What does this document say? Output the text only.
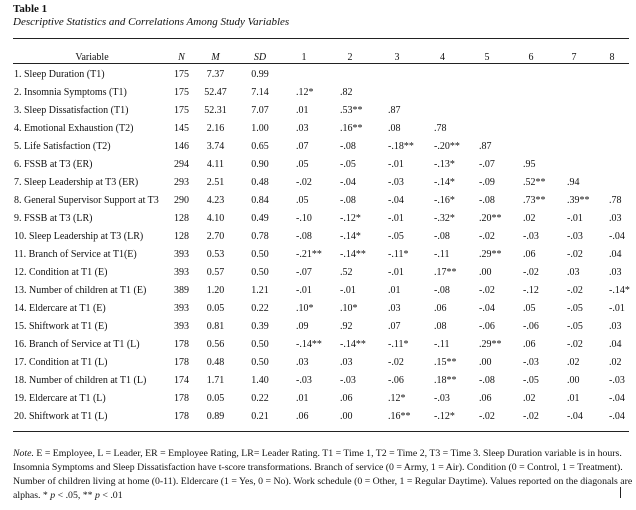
Table 1
Descriptive Statistics and Correlations Among Study Variables
Variable	N	M	SD	1	2	3	4	5	6	7	8
1. Sleep Duration (T1)	175	7.37	0.99								
2. Insomnia Symptoms (T1)	175	52.47	7.14	.12*	.82						
3. Sleep Dissatisfaction (T1)	175	52.31	7.07	.01	.53**	.87					
4. Emotional Exhaustion (T2)	145	2.16	1.00	.03	.16**	.08	.78				
5. Life Satisfaction (T2)	146	3.74	0.65	.07	-.08	-.18**	-.20**	.87			
6. FSSB at T3 (ER)	294	4.11	0.90	.05	-.05	-.01	-.13*	-.07	.95		
7. Sleep Leadership at T3 (ER)	293	2.51	0.48	-.02	-.04	-.03	-.14*	-.09	.52**	.94	
8. General Supervisor Support at T3	290	4.23	0.84	.05	-.08	-.04	-.16*	-.08	.73**	.39**	.78
9. FSSB at T3 (LR)	128	4.10	0.49	-.10	-.12*	-.01	-.32*	.20**	.02	-.01	.03
10. Sleep Leadership at T3 (LR)	128	2.70	0.78	-.08	-.14*	-.05	-.08	-.02	-.03	-.03	-.04
11. Branch of Service at T1(E)	393	0.53	0.50	-.21**	-.14**	-.11*	-.11	.29**	.06	-.02	.04
12. Condition at T1 (E)	393	0.57	0.50	-.07	.52	-.01	.17**	.00	-.02	.03	.03
13. Number of children at T1 (E)	389	1.20	1.21	-.01	-.01	.01	-.08	-.02	-.12	-.02	-.14*
14. Eldercare at T1 (E)	393	0.05	0.22	.10*	.10*	.03	.06	-.04	.05	-.05	-.01
15. Shiftwork at T1 (E)	393	0.81	0.39	.09	.92	.07	.08	-.06	-.06	-.05	.03
16. Branch of Service at T1 (L)	178	0.56	0.50	-.14**	-.14**	-.11*	-.11	.29**	.06	-.02	.04
17. Condition at T1 (L)	178	0.48	0.50	.03	.03	-.02	.15**	.00	-.03	.02	.02
18. Number of children at T1 (L)	174	1.71	1.40	-.03	-.03	-.06	.18**	-.08	-.05	.00	-.03
19. Eldercare at T1 (L)	178	0.05	0.22	.01	.06	.12*	-.03	.06	.02	.01	-.04
20. Shiftwork at T1 (L)	178	0.89	0.21	.06	.00	.16**	-.12*	-.02	-.02	-.04	-.04
Note. E = Employee, L = Leader, ER = Employee Rating, LR= Leader Rating. T1 = Time 1, T2 = Time 2, T3 = Time 3. Sleep Duration variable is in hours. Insomnia Symptoms and Sleep Dissatisfaction have t-score transformations. Branch of service (0 = Army, 1 = Air). Condition (0 = Control, 1 = Treatment). Number of children living at home (0-11). Eldercare (1 = Yes, 0 = No). Work schedule (0 = Other, 1 = Regular Daytime). Values reported on the diagonals are alphas. * p < .05, ** p < .01
